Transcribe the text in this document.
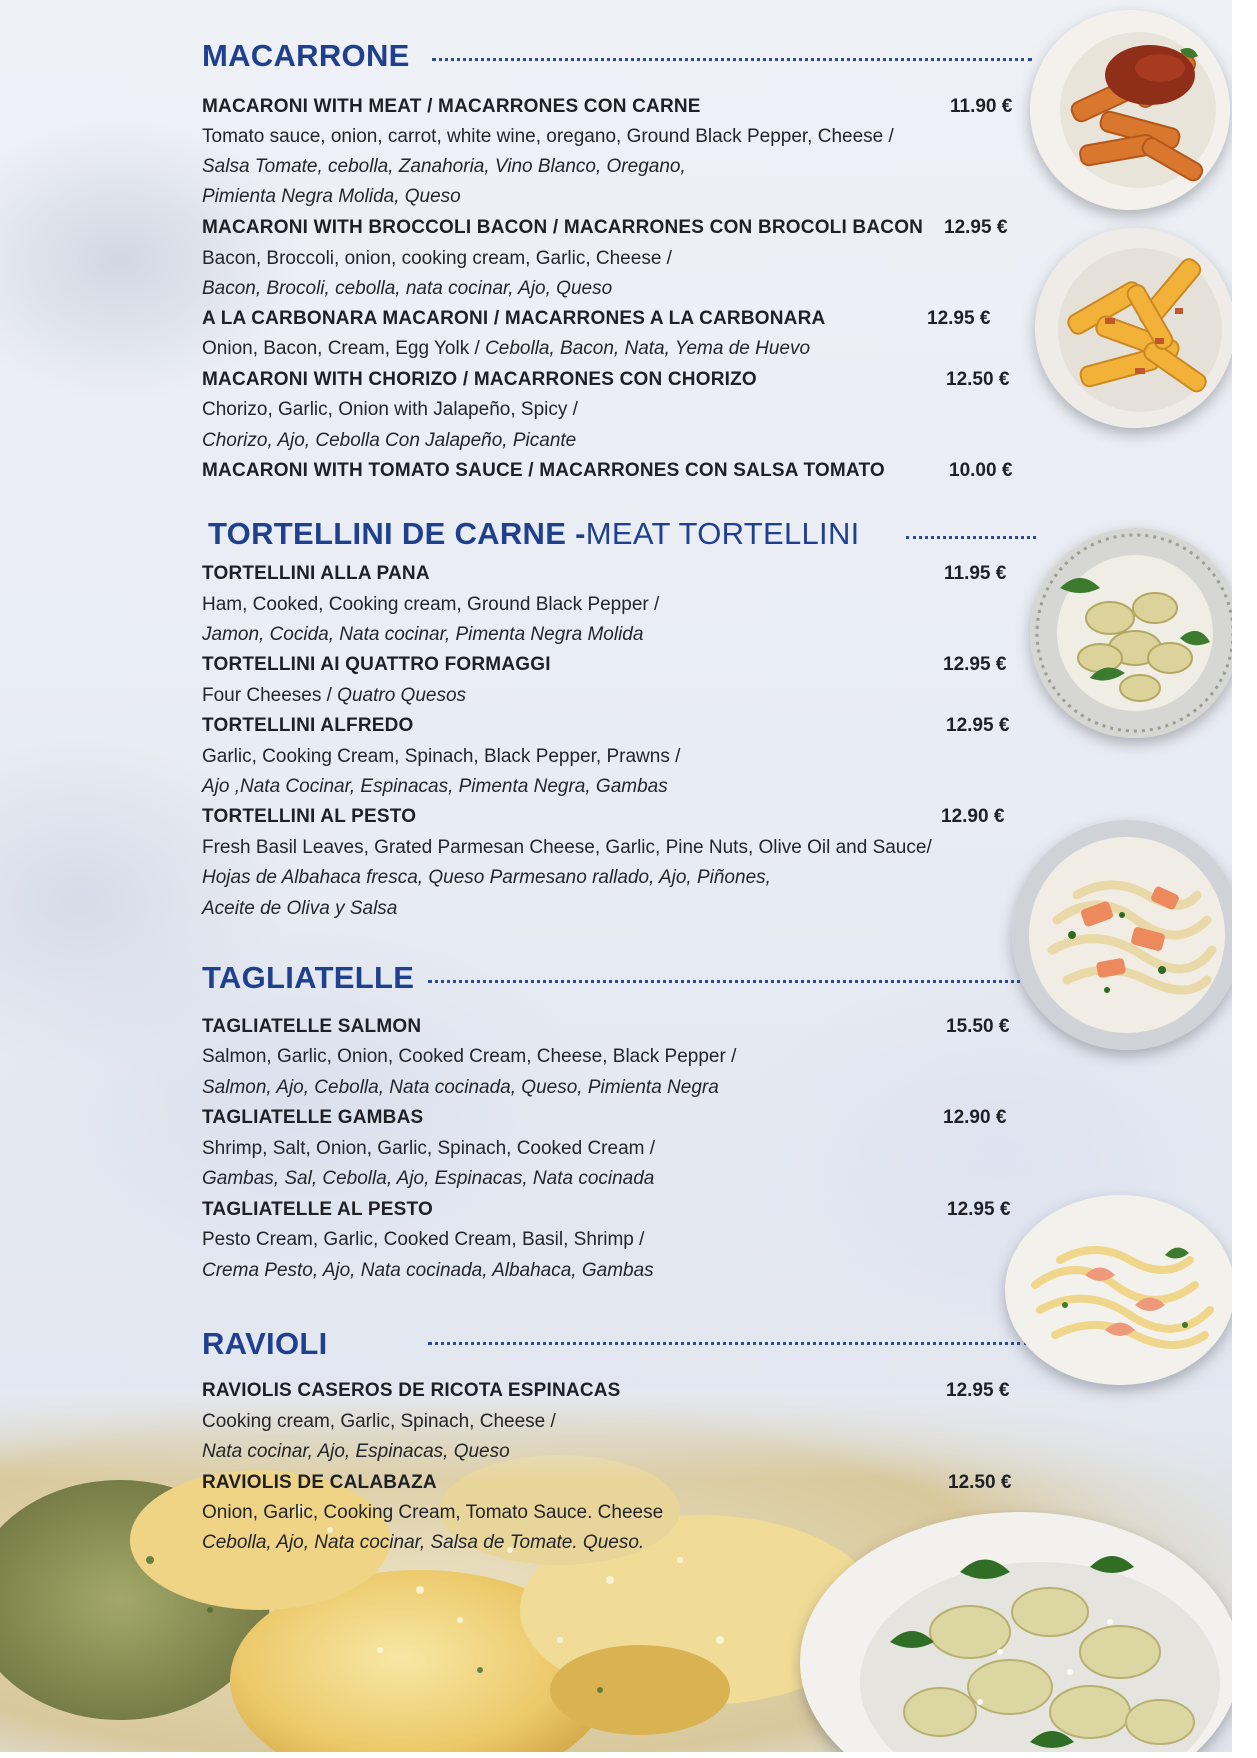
MACARRONE
MACARONI WITH MEAT / MACARRONES CON CARNE	11.90 €
Tomato sauce, onion, carrot, white wine, oregano, Ground Black Pepper, Cheese /
Salsa Tomate, cebolla, Zanahoria, Vino Blanco, Oregano,
Pimienta Negra Molida, Queso
MACARONI WITH BROCCOLI BACON / MACARRONES CON BROCOLI BACON 12.95 €
Bacon, Broccoli, onion, cooking cream, Garlic, Cheese /
Bacon, Brocoli, cebolla, nata cocinar, Ajo, Queso
A LA CARBONARA MACARONI / MACARRONES A LA CARBONARA	12.95 €
Onion, Bacon, Cream, Egg Yolk / Cebolla, Bacon, Nata, Yema de Huevo
MACARONI WITH CHORIZO / MACARRONES CON CHORIZO	12.50 €
Chorizo, Garlic, Onion with Jalapeño, Spicy /
Chorizo, Ajo, Cebolla Con Jalapeño, Picante
MACARONI WITH TOMATO SAUCE / MACARRONES CON SALSA TOMATO	10.00 €
TORTELLINI DE CARNE - MEAT TORTELLINI
TORTELLINI ALLA PANA	11.95 €
Ham, Cooked, Cooking cream, Ground Black Pepper /
Jamon, Cocida, Nata cocinar, Pimenta Negra Molida
TORTELLINI AI QUATTRO FORMAGGI	12.95 €
Four Cheeses / Quatro Quesos
TORTELLINI ALFREDO	12.95 €
Garlic, Cooking Cream, Spinach, Black Pepper, Prawns /
Ajo ,Nata Cocinar, Espinacas, Pimenta Negra, Gambas
TORTELLINI AL PESTO	12.90 €
Fresh Basil Leaves, Grated Parmesan Cheese, Garlic, Pine Nuts, Olive Oil and Sauce/
Hojas de Albahaca fresca, Queso Parmesano rallado, Ajo, Piñones,
Aceite de Oliva y Salsa
TAGLIATELLE
TAGLIATELLE SALMON	15.50 €
Salmon, Garlic, Onion, Cooked Cream, Cheese, Black Pepper /
Salmon, Ajo, Cebolla, Nata cocinada, Queso, Pimienta Negra
TAGLIATELLE GAMBAS	12.90 €
Shrimp, Salt, Onion, Garlic, Spinach, Cooked Cream /
Gambas, Sal, Cebolla, Ajo, Espinacas, Nata cocinada
TAGLIATELLE AL PESTO	12.95 €
Pesto Cream, Garlic, Cooked Cream, Basil, Shrimp /
Crema Pesto, Ajo, Nata cocinada, Albahaca, Gambas
RAVIOLI
RAVIOLIS CASEROS DE RICOTA ESPINACAS	12.95 €
Cooking cream, Garlic, Spinach, Cheese /
Nata cocinar, Ajo, Espinacas, Queso
RAVIOLIS DE CALABAZA	12.50 €
Onion, Garlic, Cooking Cream, Tomato Sauce. Cheese
Cebolla, Ajo, Nata cocinar, Salsa de Tomate. Queso.
